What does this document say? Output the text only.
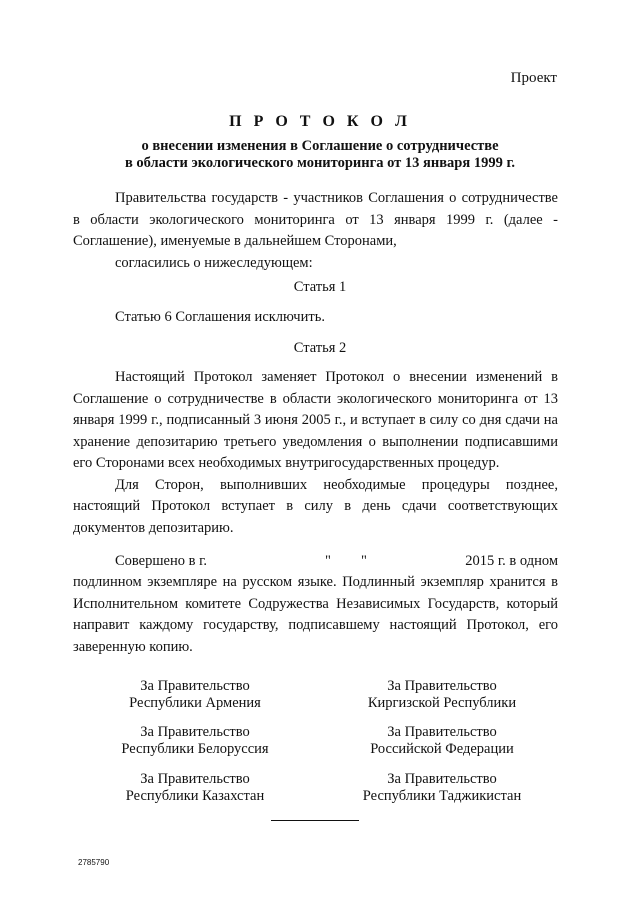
Проект
П Р О Т О К О Л
о внесении изменения в Соглашение о сотрудничестве
в области экологического мониторинга от 13 января 1999 г.

Правительства государств - участников Соглашения о сотрудничестве в области экологического мониторинга от 13 января 1999 г. (далее - Соглашение), именуемые в дальнейшем Сторонами,

согласились о нижеследующем:

Статья 1

Статью 6 Соглашения исключить.

Статья 2

Настоящий Протокол заменяет Протокол о внесении изменений в Соглашение о сотрудничестве в области экологического мониторинга от 13 января 1999 г., подписанный 3 июня 2005 г., и вступает в силу со дня сдачи на хранение депозитарию третьего уведомления о выполнении подписавшими его Сторонами всех необходимых внутригосударственных процедур.

Для Сторон, выполнивших необходимые процедуры позднее, настоящий Протокол вступает в силу в день сдачи соответствующих документов депозитарию.

Совершено в г.	" "	2015 г. в одном

подлинном экземпляре на русском языке. Подлинный экземпляр хранится в Исполнительном комитете Содружества Независимых Государств, который направит каждому государству, подписавшему настоящий Протокол, его заверенную копию.

За Правительство
Республики Армения
За Правительство
Киргизской Республики
За Правительство
Республики Белоруссия
За Правительство
Российской Федерации
За Правительство
Республики Казахстан
За Правительство
Республики Таджикистан
2785790
